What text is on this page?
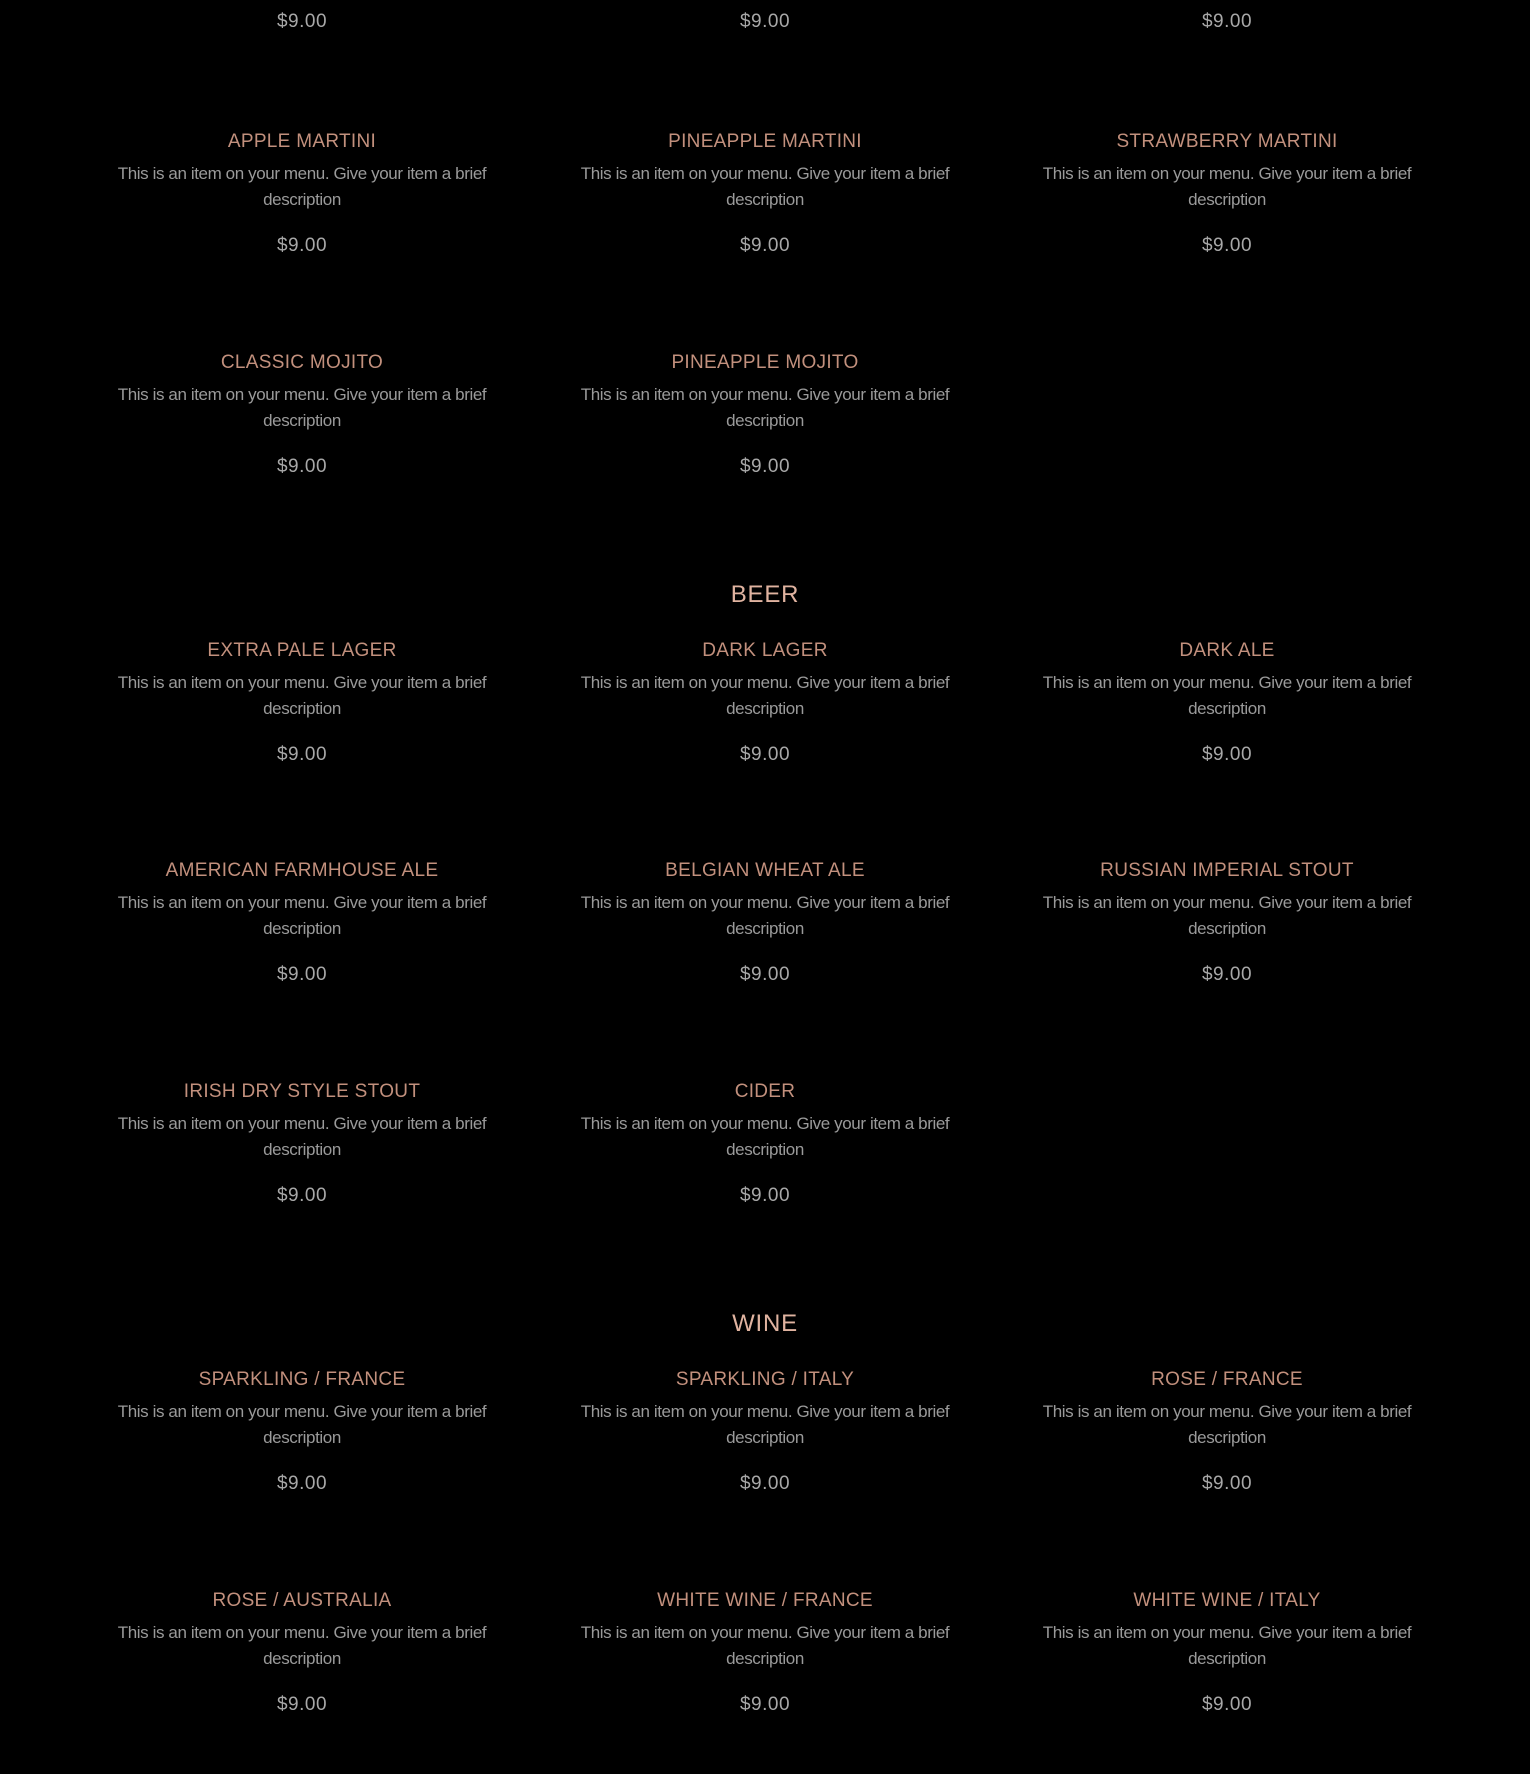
$9.00	$9.00	$9.00
APPLE MARTINI
This is an item on your menu. Give your item a brief
description
$9.00
PINEAPPLE MARTINI
This is an item on your menu. Give your item a brief
description
$9.00
STRAWBERRY MARTINI
This is an item on your menu. Give your item a brief
description
$9.00
CLASSIC MOJITO
This is an item on your menu. Give your item a brief
description
$9.00
PINEAPPLE MOJITO
This is an item on your menu. Give your item a brief
description
$9.00
BEER
EXTRA PALE LAGER
This is an item on your menu. Give your item a brief
description
$9.00
DARK LAGER
This is an item on your menu. Give your item a brief
description
$9.00
DARK ALE
This is an item on your menu. Give your item a brief
description
$9.00
AMERICAN FARMHOUSE ALE
This is an item on your menu. Give your item a brief
description
$9.00
BELGIAN WHEAT ALE
This is an item on your menu. Give your item a brief
description
$9.00
RUSSIAN IMPERIAL STOUT
This is an item on your menu. Give your item a brief
description
$9.00
IRISH DRY STYLE STOUT
This is an item on your menu. Give your item a brief
description
$9.00
CIDER
This is an item on your menu. Give your item a brief
description
$9.00
WINE
SPARKLING / FRANCE
This is an item on your menu. Give your item a brief
description
$9.00
SPARKLING / ITALY
This is an item on your menu. Give your item a brief
description
$9.00
ROSE / FRANCE
This is an item on your menu. Give your item a brief
description
$9.00
ROSE / AUSTRALIA
This is an item on your menu. Give your item a brief
description
$9.00
WHITE WINE / FRANCE
This is an item on your menu. Give your item a brief
description
$9.00
WHITE WINE / ITALY
This is an item on your menu. Give your item a brief
description
$9.00
